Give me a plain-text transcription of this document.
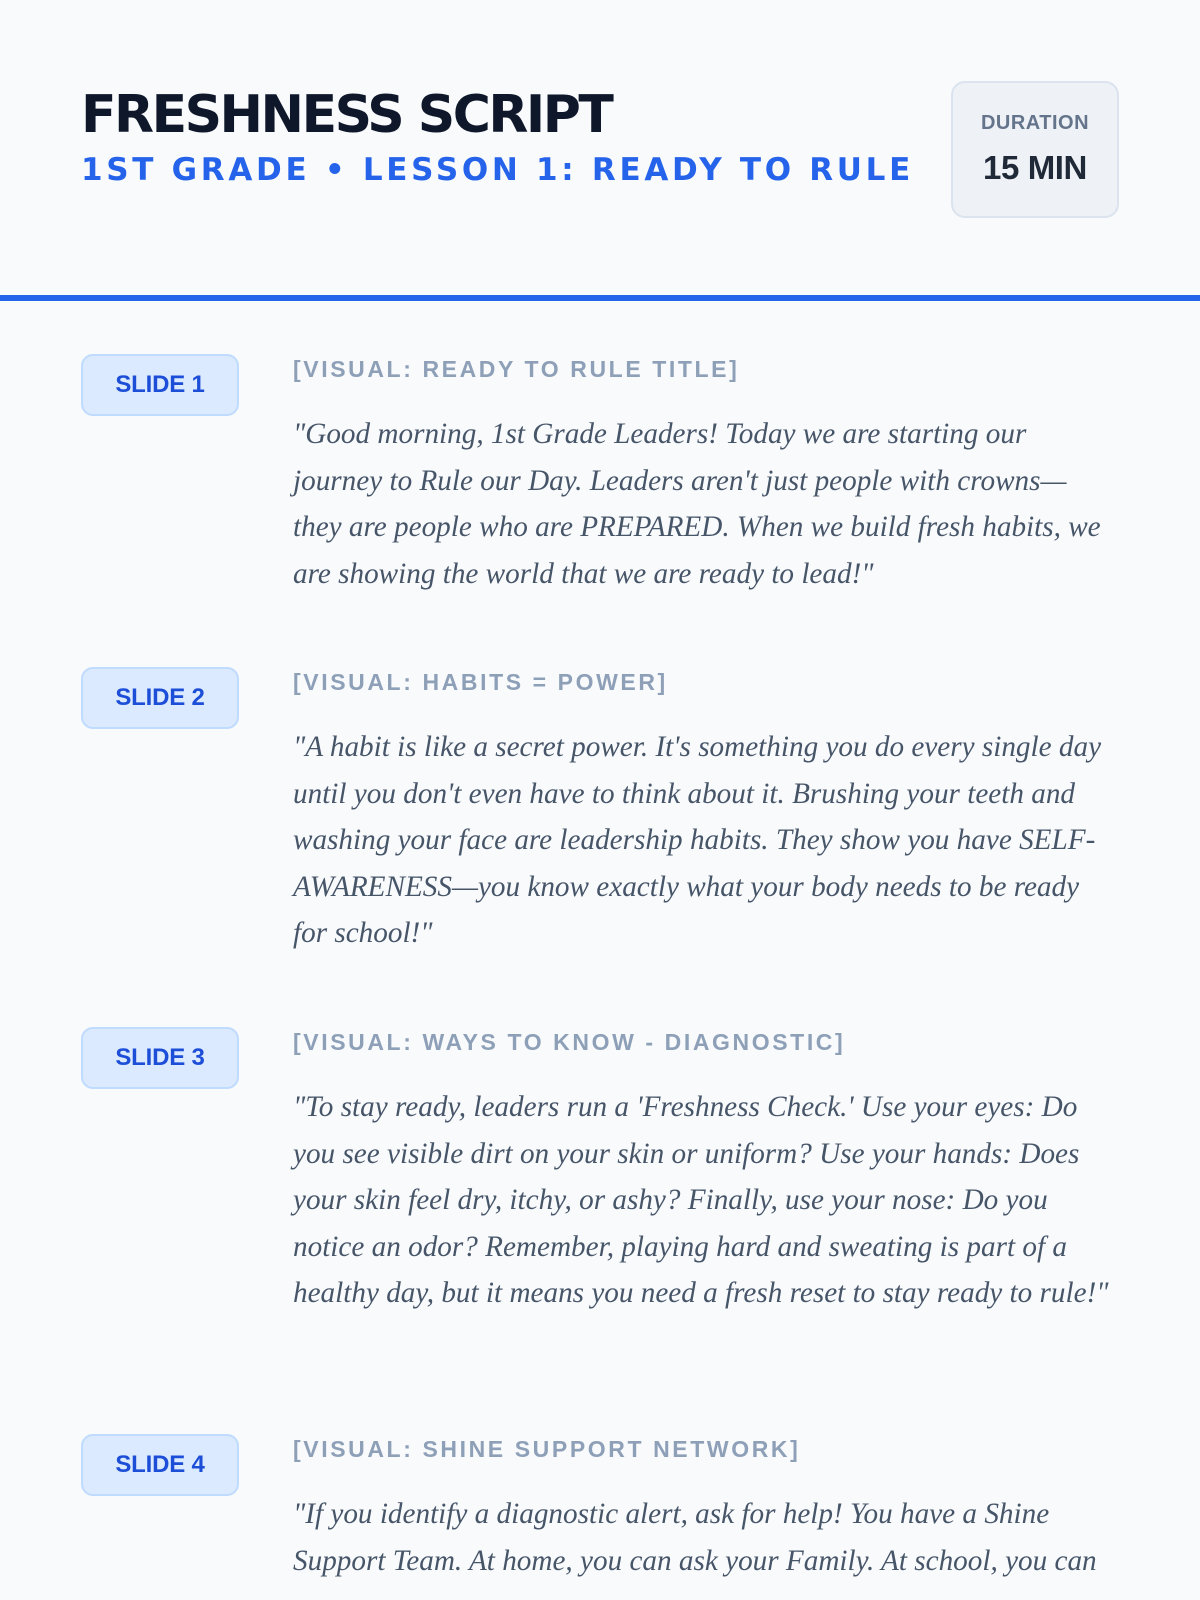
FRESHNESS SCRIPT
1ST GRADE • LESSON 1: READY TO RULE
DURATION
15 MIN
SLIDE 1

[VISUAL: READY TO RULE TITLE]

"Good morning, 1st Grade Leaders! Today we are starting our journey to Rule our Day. Leaders aren't just people with crowns—they are people who are PREPARED. When we build fresh habits, we are showing the world that we are ready to lead!"

SLIDE 2

[VISUAL: HABITS = POWER]

"A habit is like a secret power. It's something you do every single day until you don't even have to think about it. Brushing your teeth and washing your face are leadership habits. They show you have SELF-AWARENESS—you know exactly what your body needs to be ready for school!"

SLIDE 3

[VISUAL: WAYS TO KNOW - DIAGNOSTIC]

"To stay ready, leaders run a 'Freshness Check.' Use your eyes: Do you see visible dirt on your skin or uniform? Use your hands: Does your skin feel dry, itchy, or ashy? Finally, use your nose: Do you notice an odor? Remember, playing hard and sweating is part of a healthy day, but it means you need a fresh reset to stay ready to rule!"

SLIDE 4

[VISUAL: SHINE SUPPORT NETWORK]

"If you identify a diagnostic alert, ask for help! You have a Shine Support Team. At home, you can ask your Family. At school, you can
